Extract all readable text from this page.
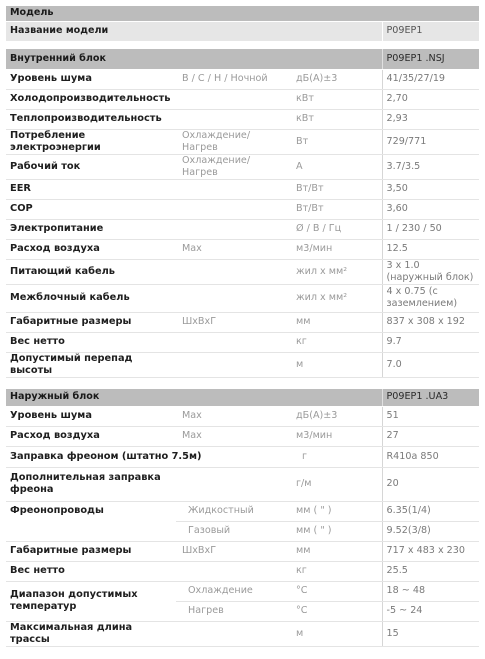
Модель			
Название модели			P09EP1

Внутренний блок			P09EP1 .NSJ
Уровень шума	B / C / H / Ночной	дБ(A)±3	41/35/27/19
Холодопроизводительность		кВт	2,70
Теплопроизводительность		кВт	2,93
Потребление электроэнергии	Охлаждение/ Нагрев	Вт	729/771
Рабочий ток	Охлаждение/ Нагрев	A	3.7/3.5
EER		Вт/Вт	3,50
COP		Вт/Вт	3,60
Электропитание		Ø / В / Гц	1 / 230 / 50
Расход воздуха	Max	м3/мин	12.5
Питающий кабель		жил x мм²	3 x 1.0 (наружный блок)
Межблочный кабель		жил x мм²	4 x 0.75 (с заземлением)
Габаритные размеры	ШxВxГ	мм	837 x 308 x 192
Вес нетто		кг	9.7
Допустимый перепад высоты		м	7.0
Наружный блок			P09EP1 .UA3
Уровень шума	Max	дБ(A)±3	51
Расход воздуха	Max	м3/мин	27
Заправка фреоном (штатно 7.5м)		г	R410a 850
Дополнительная заправка фреона		г/м	20
Фреонопроводы	Жидкостный	мм ( " )	6.35(1/4)
	Газовый	мм ( " )	9.52(3/8)
Габаритные размеры	ШxВxГ	мм	717 x 483 x 230
Вес нетто		кг	25.5
Диапазон допустимых температур	Охлаждение	°C	18 ~ 48
	Нагрев	°C	-5 ~ 24
Максимальная длина трассы		м	15
